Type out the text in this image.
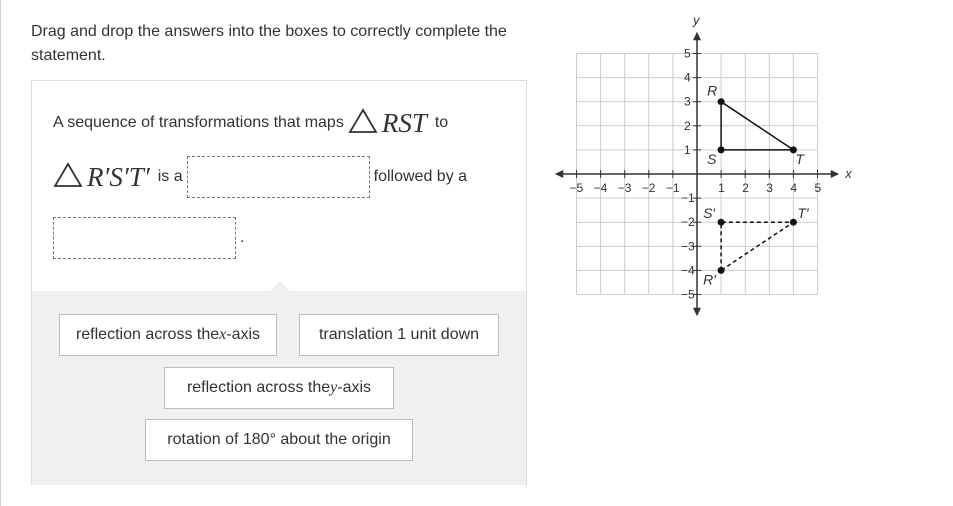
Drag and drop the answers into the boxes to correctly complete the statement.
A sequence of transformations that maps RST to
R′S′T′ is a	followed by a
.
reflection across the x -axis	translation 1 unit down
reflection across the y -axis
rotation of 180° about the origin
x
y
−5 −4 −3 −2 −1	1 2 3 4 5
5
4
3
2
1
−1
−2
−3
−4
−5
R
S	T
R′
S′	T′
